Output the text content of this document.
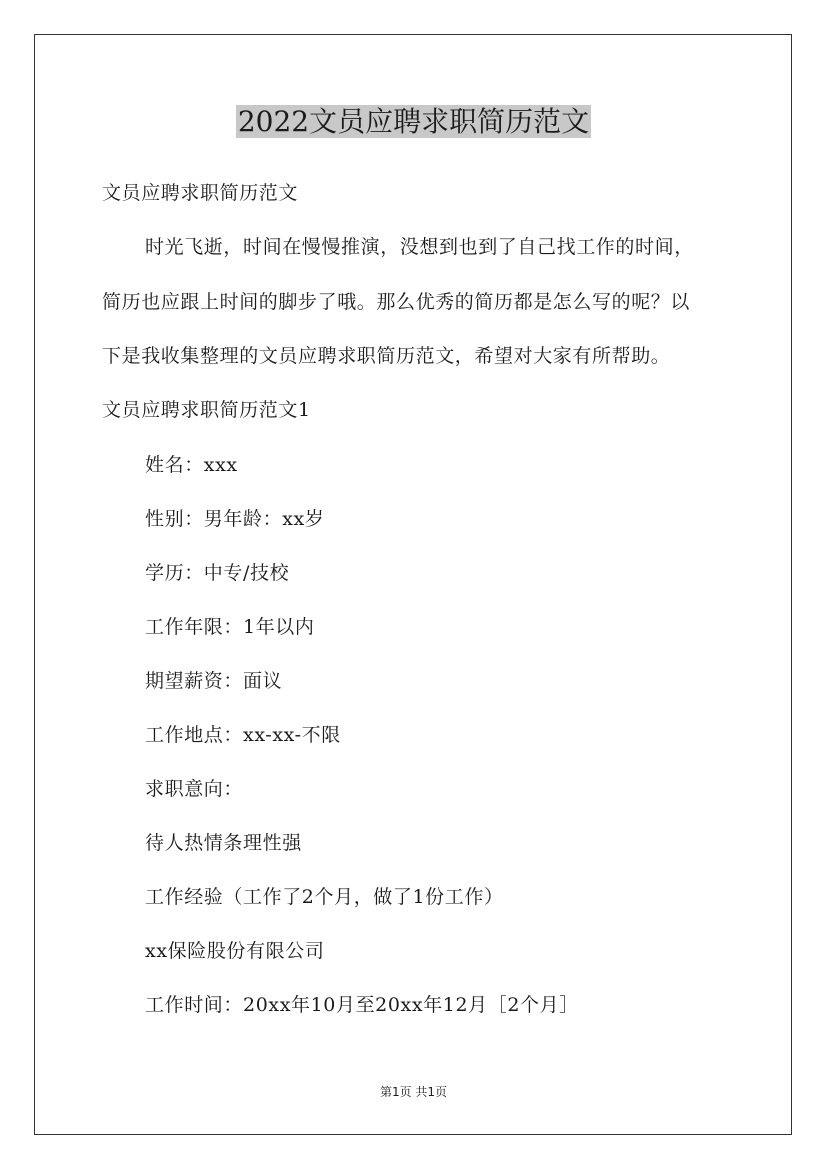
2022文员应聘求职简历范文
文员应聘求职简历范文
时光飞逝，时间在慢慢推演，没想到也到了自己找工作的时间，
简历也应跟上时间的脚步了哦。那么优秀的简历都是怎么写的呢？以
下是我收集整理的文员应聘求职简历范文，希望对大家有所帮助。
文员应聘求职简历范文1
姓名：xxx
性别：男年龄：xx岁
学历：中专/技校
工作年限：1年以内
期望薪资：面议
工作地点：xx-xx-不限
求职意向：
待人热情条理性强
工作经验（工作了2个月，做了1份工作）
xx保险股份有限公司
工作时间：20xx年10月至20xx年12月［2个月］
第1页 共1页
